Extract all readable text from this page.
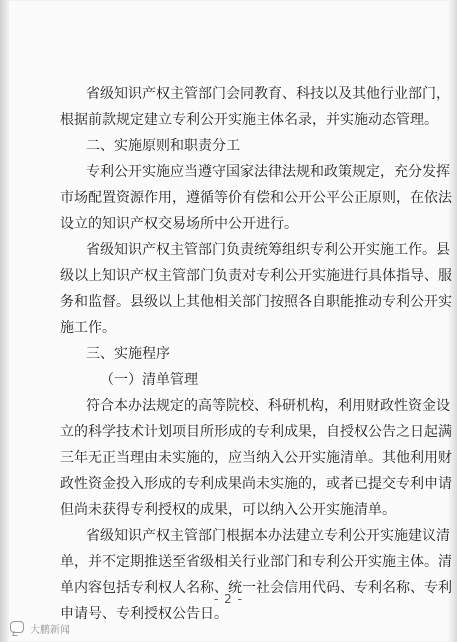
省级知识产权主管部门会同教育、科技以及其他行业部门，
根据前款规定建立专利公开实施主体名录，并实施动态管理。
二、实施原则和职责分工
专利公开实施应当遵守国家法律法规和政策规定，充分发挥
市场配置资源作用，遵循等价有偿和公开公平公正原则，在依法
设立的知识产权交易场所中公开进行。
省级知识产权主管部门负责统筹组织专利公开实施工作。县
级以上知识产权主管部门负责对专利公开实施进行具体指导、服
务和监督。县级以上其他相关部门按照各自职能推动专利公开实
施工作。
三、实施程序
（一）清单管理
符合本办法规定的高等院校、科研机构，利用财政性资金设
立的科学技术计划项目所形成的专利成果，自授权公告之日起满
三年无正当理由未实施的，应当纳入公开实施清单。其他利用财
政性资金投入形成的专利成果尚未实施的，或者已提交专利申请
但尚未获得专利授权的成果，可以纳入公开实施清单。
省级知识产权主管部门根据本办法建立专利公开实施建议清
单，并不定期推送至省级相关行业部门和专利公开实施主体。清
单内容包括专利权人名称、统一社会信用代码、专利名称、专利
申请号、专利授权公告日。
- 2 -
大鹏新闻
